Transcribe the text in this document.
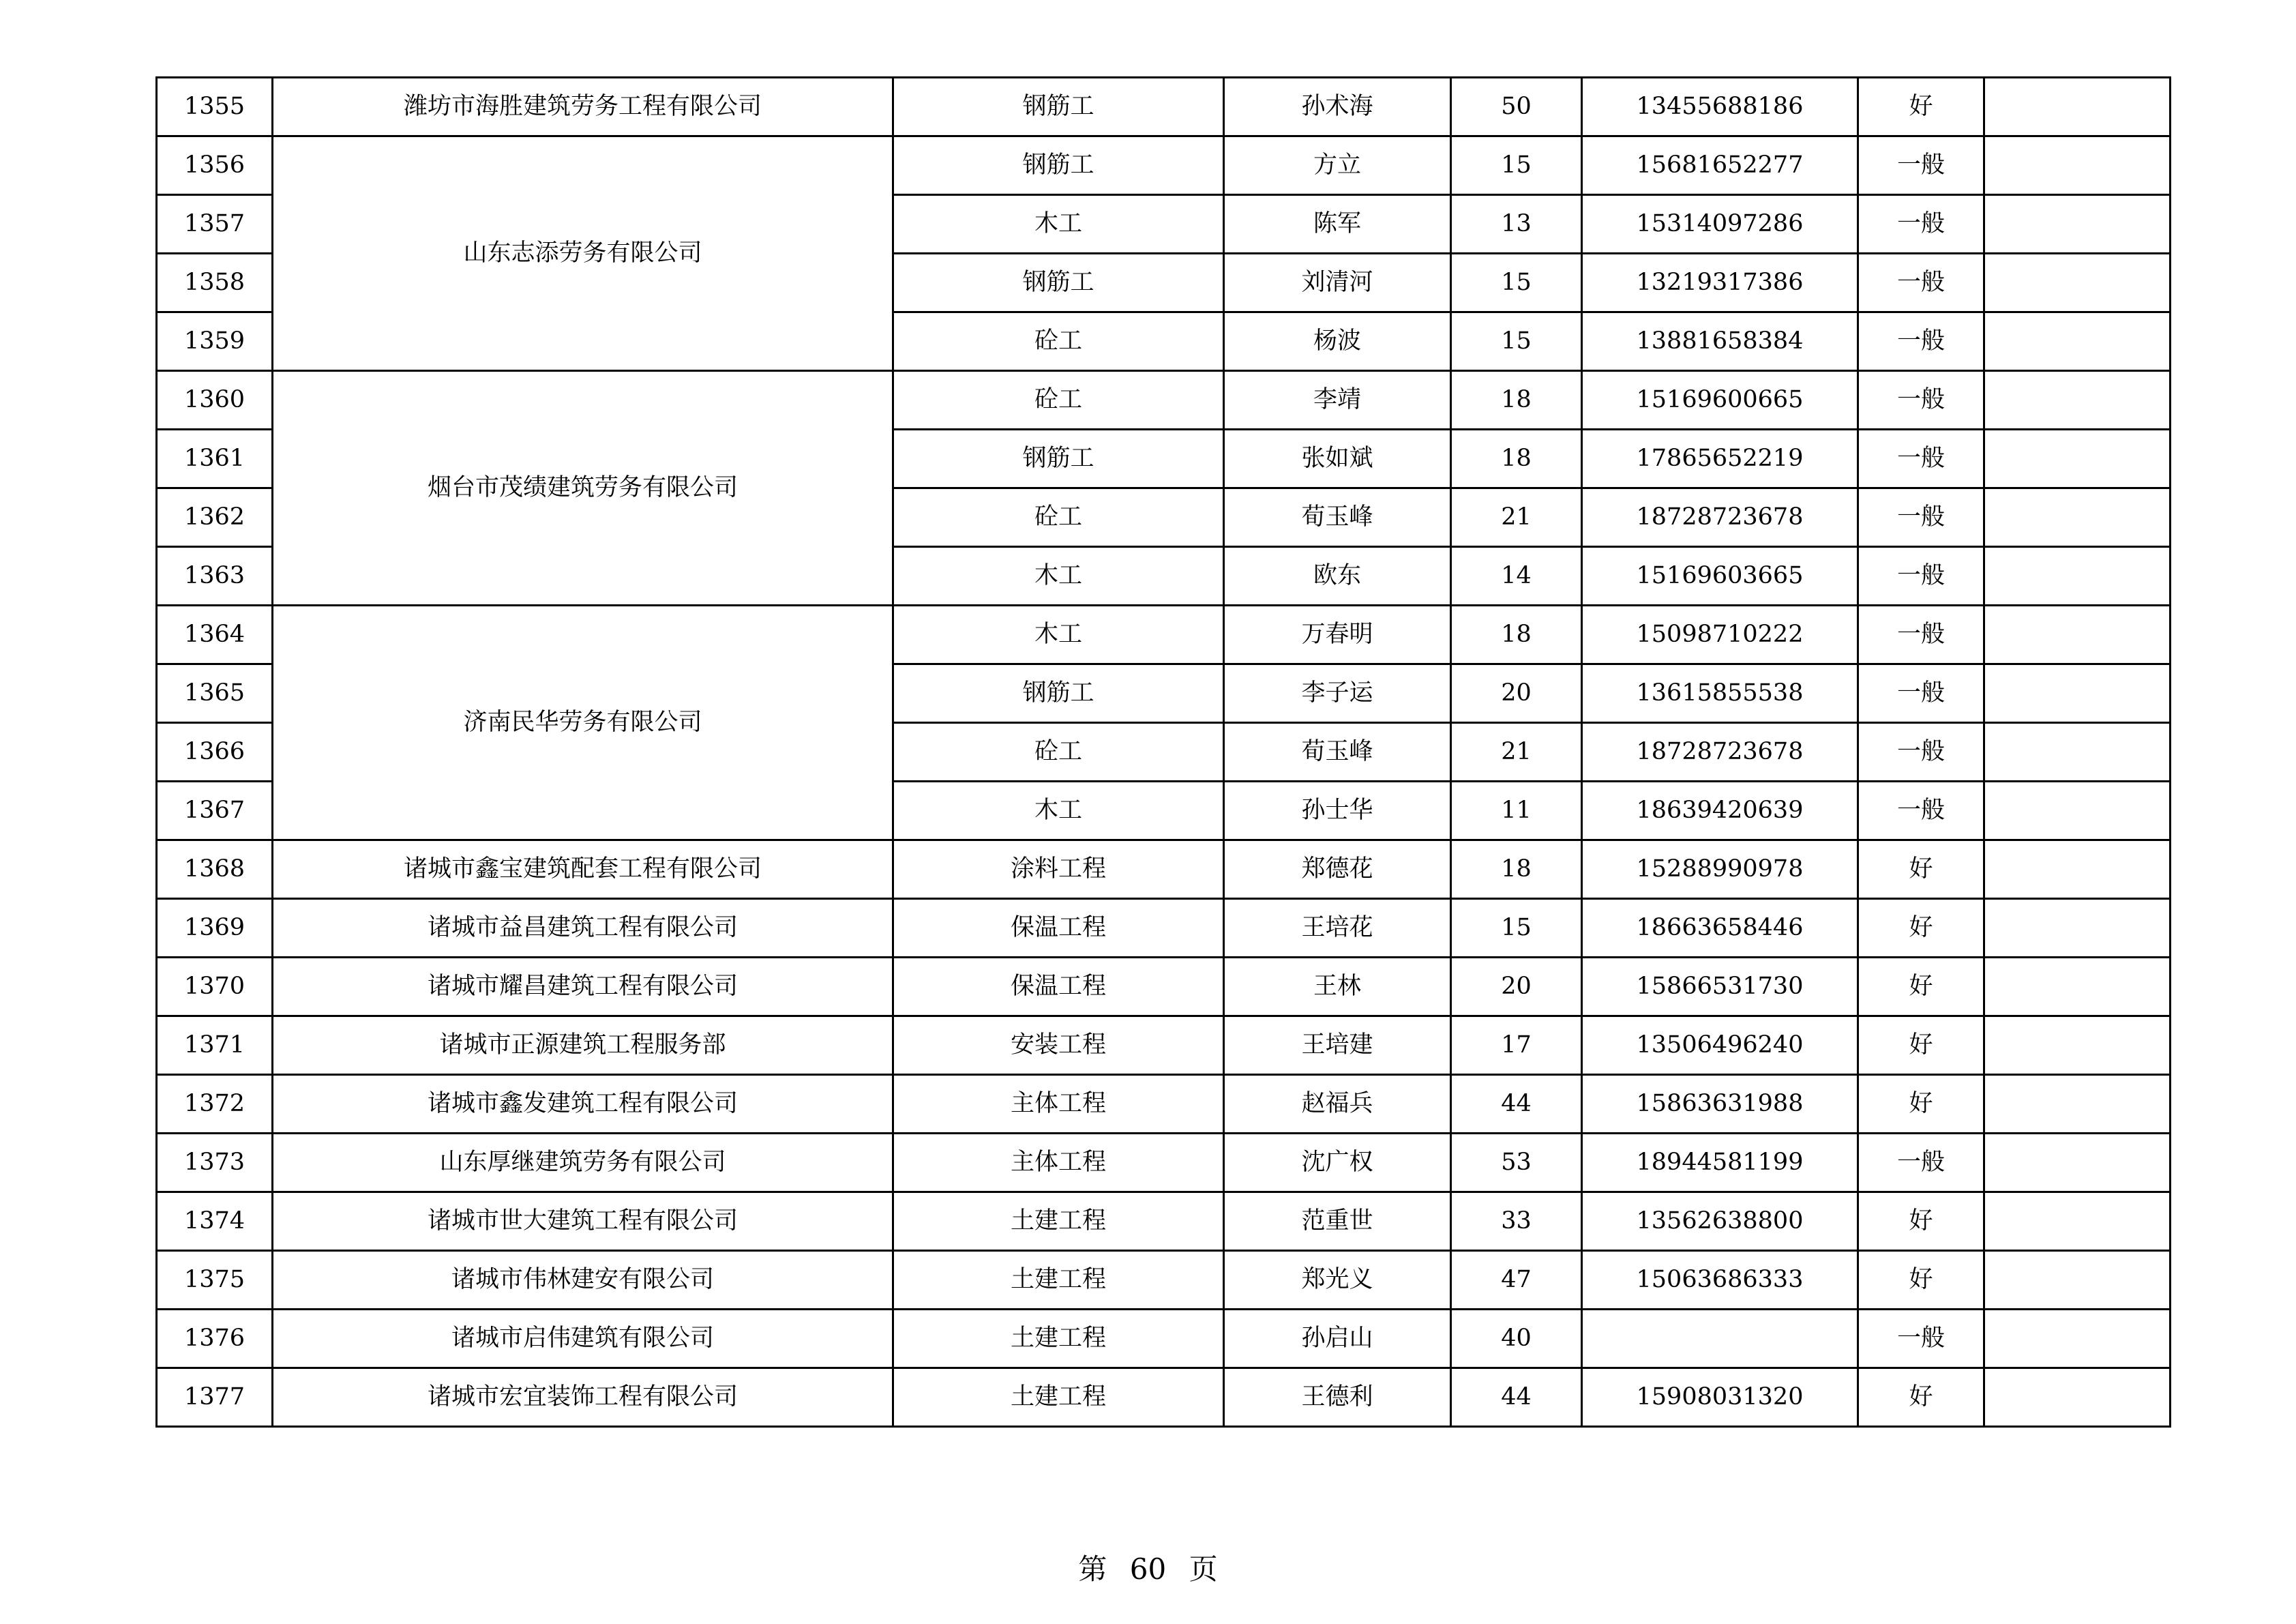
1355	潍坊市海胜建筑劳务工程有限公司	钢筋工	孙术海	50	13455688186	好	
1356	山东志添劳务有限公司	钢筋工	方立	15	15681652277	一般	
1357		木工	陈军	13	15314097286	一般	
1358		钢筋工	刘清河	15	13219317386	一般	
1359		砼工	杨波	15	13881658384	一般	
1360	烟台市茂绩建筑劳务有限公司	砼工	李靖	18	15169600665	一般	
1361		钢筋工	张如斌	18	17865652219	一般	
1362		砼工	荀玉峰	21	18728723678	一般	
1363		木工	欧东	14	15169603665	一般	
1364	济南民华劳务有限公司	木工	万春明	18	15098710222	一般	
1365		钢筋工	李子运	20	13615855538	一般	
1366		砼工	荀玉峰	21	18728723678	一般	
1367		木工	孙士华	11	18639420639	一般	
1368	诸城市鑫宝建筑配套工程有限公司	涂料工程	郑德花	18	15288990978	好	
1369	诸城市益昌建筑工程有限公司	保温工程	王培花	15	18663658446	好	
1370	诸城市耀昌建筑工程有限公司	保温工程	王林	20	15866531730	好	
1371	诸城市正源建筑工程服务部	安装工程	王培建	17	13506496240	好	
1372	诸城市鑫发建筑工程有限公司	主体工程	赵福兵	44	15863631988	好	
1373	山东厚继建筑劳务有限公司	主体工程	沈广权	53	18944581199	一般	
1374	诸城市世大建筑工程有限公司	土建工程	范重世	33	13562638800	好	
1375	诸城市伟林建安有限公司	土建工程	郑光义	47	15063686333	好	
1376	诸城市启伟建筑有限公司	土建工程	孙启山	40		一般	
1377	诸城市宏宜装饰工程有限公司	土建工程	王德利	44	15908031320	好	
第 60 页
